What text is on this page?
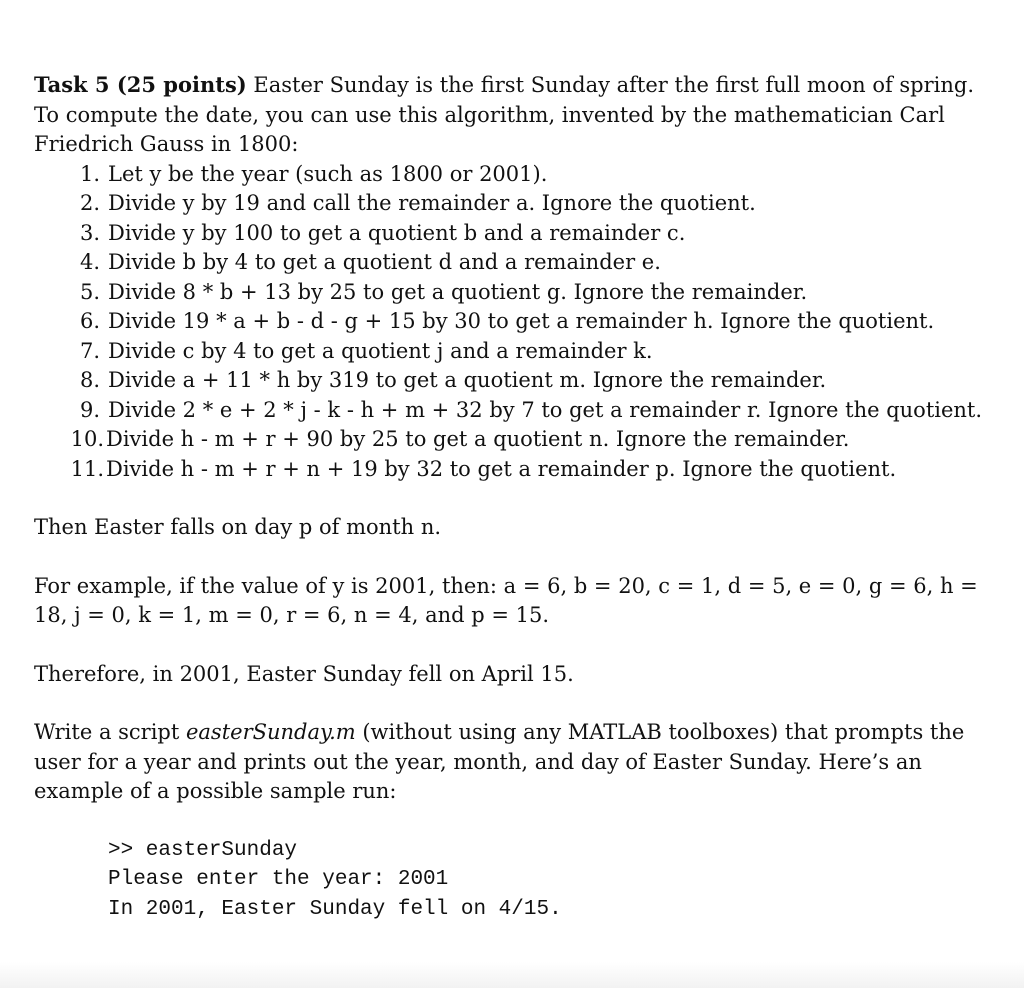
Task 5 (25 points) Easter Sunday is the first Sunday after the first full moon of spring. To compute the date, you can use this algorithm, invented by the mathematician Carl Friedrich Gauss in 1800:

1. Let y be the year (such as 1800 or 2001).
2. Divide y by 19 and call the remainder a. Ignore the quotient.
3. Divide y by 100 to get a quotient b and a remainder c.
4. Divide b by 4 to get a quotient d and a remainder e.
5. Divide 8 * b + 13 by 25 to get a quotient g. Ignore the remainder.
6. Divide 19 * a + b - d - g + 15 by 30 to get a remainder h. Ignore the quotient.
7. Divide c by 4 to get a quotient j and a remainder k.
8. Divide a + 11 * h by 319 to get a quotient m. Ignore the remainder.
9. Divide 2 * e + 2 * j - k - h + m + 32 by 7 to get a remainder r. Ignore the quotient.
10. Divide h - m + r + 90 by 25 to get a quotient n. Ignore the remainder.
11. Divide h - m + r + n + 19 by 32 to get a remainder p. Ignore the quotient.

Then Easter falls on day p of month n.

For example, if the value of y is 2001, then: a = 6, b = 20, c = 1, d = 5, e = 0, g = 6, h = 18, j = 0, k = 1, m = 0, r = 6, n = 4, and p = 15.

Therefore, in 2001, Easter Sunday fell on April 15.

Write a script easterSunday.m (without using any MATLAB toolboxes) that prompts the user for a year and prints out the year, month, and day of Easter Sunday. Here’s an example of a possible sample run:

>> easterSunday
Please enter the year: 2001
In 2001, Easter Sunday fell on 4/15.
